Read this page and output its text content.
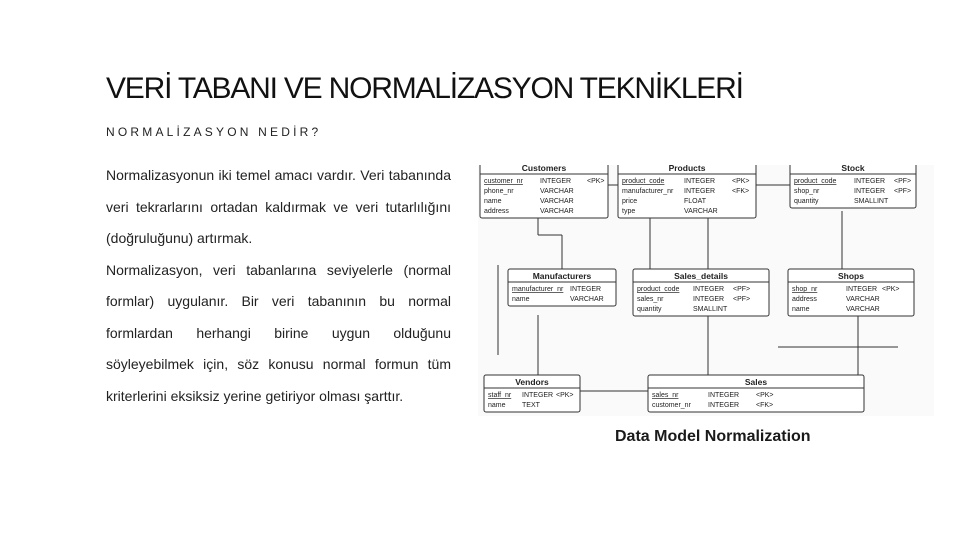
VERİ TABANI VE NORMALİZASYON TEKNİKLERİ
NORMALİZASYON NEDİR?

Normalizasyonun iki temel amacı vardır. Veri tabanında veri tekrarlarını ortadan kaldırmak ve veri tutarlılığını (doğruluğunu) artırmak.

Normalizasyon, veri tabanlarına seviyelerle (normal formlar) uygulanır. Bir veri tabanının bu normal formlardan herhangi birine uygun olduğunu söyleyebilmek için, söz konusu normal formun tüm kriterlerini eksiksiz yerine getiriyor olması şarttır.

Customers
customer_nr INTEGER <PK>
phone_nr	VARCHAR
name	VARCHAR
address	VARCHAR
Products
product_code	INTEGER <PK>
manufacturer_nr INTEGER <FK>
price	FLOAT
type	VARCHAR
Stock
product_code	INTEGER <PF>
shop_nr	INTEGER <PF>
quantity	SMALLINT
Manufacturers
manufacturer_nr INTEGER
name	VARCHAR
Sales_details
product_code INTEGER <PF>
sales_nr	INTEGER <PF>
quantity	SMALLINT
Shops
shop_nr	INTEGER <PK>
address	VARCHAR
name	VARCHAR
Vendors
staff_nr INTEGER <PK>
name TEXT
Sales
sales_nr	INTEGER <PK>
customer_nr INTEGER <FK>
Data Model Normalization
